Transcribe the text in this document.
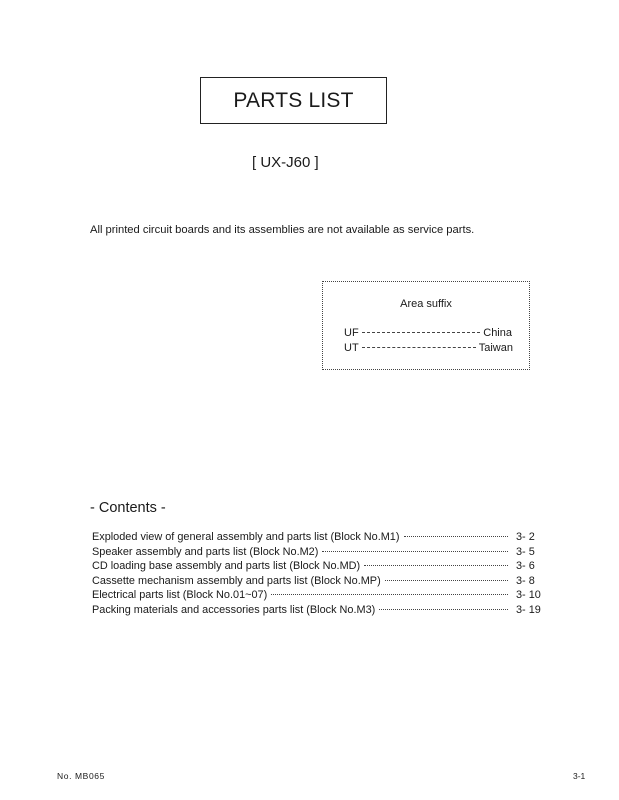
PARTS LIST
[ UX-J60 ]
All printed circuit boards and its assemblies are not available as service parts.
Area suffix
UF	China
UT	Taiwan
- Contents -
Exploded view of general assembly and parts list (Block No.M1)	3- 2
Speaker assembly and parts list (Block No.M2)	3- 5
CD loading base assembly and parts list (Block No.MD)	3- 6
Cassette mechanism assembly and parts list (Block No.MP)	3- 8
Electrical parts list (Block No.01~07)	3- 10
Packing materials and accessories parts list (Block No.M3)	3- 19
No. MB065	3-1
